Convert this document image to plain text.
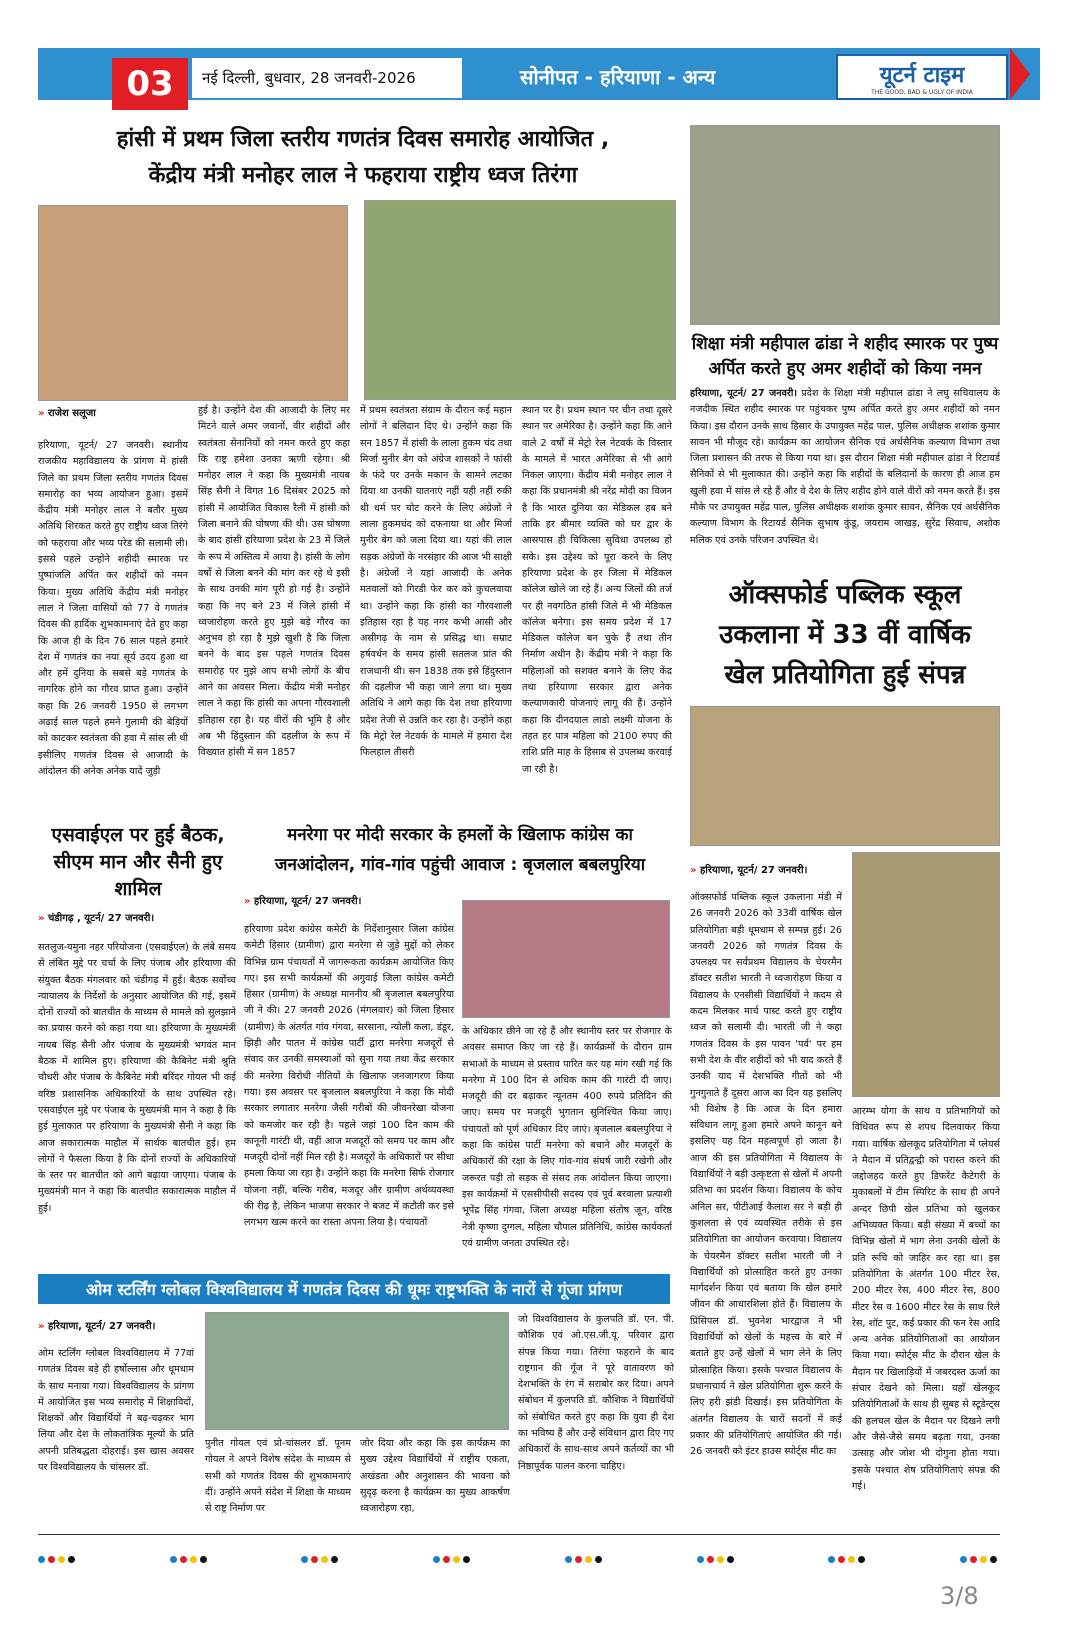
03	नई दिल्ली, बुधवार, 28 जनवरी-2026	सोनीपत - हरियाणा - अन्य	यूटर्न टाइम
THE GOOD, BAD & UGLY OF INDIA
हांसी में प्रथम जिला स्तरीय गणतंत्र दिवस समारोह आयोजित ,
केंद्रीय मंत्री मनोहर लाल ने फहराया राष्ट्रीय ध्वज तिरंगा
» राजेश सलूजा
हरियाणा, यूटर्न/ 27 जनवरी। स्थानीय राजकीय महाविद्यालय के प्रांगण में हांसी जिले का प्रथम जिला स्तरीय गणतंत्र दिवस समारोह का भव्य आयोजन हुआ। इसमें केंद्रीय मंत्री मनोहर लाल ने बतौर मुख्य अतिथि शिरकत करते हुए राष्ट्रीय ध्वज तिरंगे को फहराया और भव्य परेड की सलामी ली। इससे पहले उन्होंने शहीदी स्मारक पर पुष्पांजलि अर्पित कर शहीदों को नमन किया। मुख्य अतिथि केंद्रीय मंत्री मनोहर लाल ने जिला वासियों को 77 वे गणतंत्र दिवस की हार्दिक शुभकामनाएं देते हुए कहा कि आज ही के दिन 76 साल पहले हमारे देश में गणतंत्र का नया सूर्य उदय हुआ था और हमें दुनिया के सबसे बड़े गणतंत्र के नागरिक होने का गौरव प्राप्त हुआ। उन्होंने कहा कि 26 जनवरी 1950 से लगभग अढ़ाई साल पहले हमने गुलामी की बेड़ियों को काटकर स्वतंत्रता की हवा में सांस ली थी इसीलिए गणतंत्र दिवस से आजादी के आंदोलन की अनेक अनेक यादें जुड़ी
हुई है। उन्होंने देश की आजादी के लिए मर मिटने वाले अमर जवानों, वीर शहीदों और स्वतंत्रता सेनानियों को नमन करते हुए कहा कि राष्ट्र हमेशा उनका ऋणी रहेगा। श्री मनोहर लाल ने कहा कि मुख्यमंत्री नायब सिंह सैनी ने विगत 16 दिसंबर 2025 को हांसी में आयोजित विकास रैली में हांसी को जिला बनाने की घोषणा की थी। उस घोषणा के बाद हांसी हरियाणा प्रदेश के 23 में जिले के रूप में अस्तित्व में आया है। हांसी के लोग वर्षों से जिला बनने की मांग कर रहे थे इसी के साथ उनकी मांग पूरी हो गई है। उन्होंने कहा कि नए बने 23 में जिले हांसी में ध्वजारोहण करते हुए मुझे बड़े गौरव का अनुभव हो रहा है मुझे खुशी है कि जिला बनने के बाद इस पहले गणतंत्र दिवस समारोह पर मुझे आप सभी लोगों के बीच आने का अवसर मिला। केंद्रीय मंत्री मनोहर लाल ने कहा कि हांसी का अपना गौरवशाली इतिहास रहा है। यह वीरों की भूमि है और अब भी हिंदुस्तान की दहलीज के रूप में विख्यात हांसी में सन 1857
में प्रथम स्वतंत्रता संग्राम के दौरान कई महान लोगों ने बलिदान दिए थे। उन्होंने कहा कि सन 1857 में हांसी के लाला हुकम चंद तथा मिर्जा मुनीर बेग को अंग्रेज शासकों ने फांसी के फंदे पर उनके मकान के सामने लटका दिया था उनकी यातनाएं नहीं यही नहीं रुकी थी धर्म पर चोट करने के लिए अंग्रेजों ने लाला हुकमचंद को दफनाया था और मिर्जा मुनीर बेग को जला दिया था। यहां की लाल सड़क अंग्रेजों के नरसंहार की आज भी साक्षी है। अंग्रेजों ने यहां आजादी के अनेक मतवालों को गिरडी फेर कर को कुचलवाया था। उन्होंने कहा कि हांसी का गौरवशाली इतिहास रहा है यह नगर कभी आसी और असीगढ़ के नाम से प्रसिद्ध था। सम्राट हर्षवर्धन के समय हांसी सतलज प्रांत की राजधानी थी। सन 1838 तक इसे हिंदुस्तान की दहलीज भी कहा जाने लगा था। मुख्य अतिथि ने आगे कहा कि देश तथा हरियाणा प्रदेश तेजी से उन्नति कर रहा है। उन्होंने कहा कि मेट्रो रेल नेटवर्क के मामले में हमारा देश फिलहाल तीसरी
स्थान पर है। प्रथम स्थान पर चीन तथा दूसरे स्थान पर अमेरिका है। उन्होंने कहा कि आने वाले 2 वर्षों में मेट्रो रेल नेटवर्क के विस्तार के मामले में भारत अमेरिका से भी आगे निकल जाएगा। केंद्रीय मंत्री मनोहर लाल ने कहा कि प्रधानमंत्री श्री नरेंद्र मोदी का विजन है कि भारत दुनिया का मेडिकल हब बने ताकि हर बीमार व्यक्ति को घर द्वार के आसपास ही चिकित्सा सुविधा उपलब्ध हो सके। इस उद्देश्य को पूरा करने के लिए हरियाणा प्रदेश के हर जिला में मेडिकल कॉलेज खोले जा रहे हैं। अन्य जिलों की तर्ज पर ही नवगठित हांसी जिले में भी मेडिकल कॉलेज बनेगा। इस समय प्रदेश में 17 मेडिकल कॉलेज बन चुके हैं तथा तीन निर्माण अधीन है। केंद्रीय मंत्री ने कहा कि महिलाओं को सशक्त बनाने के लिए केंद्र तथा हरियाणा सरकार द्वारा अनेक कल्याणकारी योजनाएं लागू की हैं। उन्होंने कहा कि दीनदयाल लाडो लक्ष्मी योजना के तहत हर पात्र महिला को 2100 रुपए की राशि प्रति माह के हिसाब से उपलब्ध करवाई जा रही है।
शिक्षा मंत्री महीपाल ढांडा ने शहीद स्मारक पर पुष्प अर्पित करते हुए अमर शहीदों को किया नमन
हरियाणा, यूटर्न/ 27 जनवरी। प्रदेश के शिक्षा मंत्री महीपाल ढांडा ने लघु सचिवालय के नजदीक स्थित शहीद स्मारक पर पहुंचकर पुष्प अर्पित करते हुए अमर शहीदों को नमन किया। इस दौरान उनके साथ हिसार के उपायुक्त महेंद्र पाल, पुलिस अधीक्षक शशांक कुमार सावन भी मौजूद रहे। कार्यक्रम का आयोजन सैनिक एवं अर्धसैनिक कल्याण विभाग तथा जिला प्रशासन की तरफ से किया गया था। इस दौरान शिक्षा मंत्री महीपाल ढांडा ने रिटायर्ड सैनिकों से भी मुलाकात की। उन्होंने कहा कि शहीदों के बलिदानों के कारण ही आज हम खुली हवा में सांस ले रहे हैं और वे देश के लिए शहीद होने वाले वीरों को नमन करते हैं। इस मौके पर उपायुक्त महेंद्र पाल, पुलिस अधीक्षक शशांक कुमार सावन, सैनिक एवं अर्धसैनिक कल्याण विभाग के रिटायर्ड सैनिक सुभाष कुंडू, जयराम जाखड़, सुरेंद्र सिवाच, अशोक मलिक एवं उनके परिजन उपस्थित थे।
ऑक्सफोर्ड पब्लिक स्कूल
उकलाना में 33 वीं वार्षिक
खेल प्रतियोगिता हुई संपन्न
» हरियाणा, यूटर्न/ 27 जनवरी।
ऑक्सफोर्ड पब्लिक स्कूल उकलाना मंडी में 26 जनवरी 2026 को 33वीं वार्षिक खेल प्रतियोगिता बड़ी धूमधाम से सम्पन्न हुई। 26 जनवरी 2026 को गणतंत्र दिवस के उपलक्ष्य पर सर्वप्रथम विद्यालय के चेयरमैन डॉक्टर सतीश भारती ने ध्वजारोहण किया व विद्यालय के एनसीसी विद्यार्थियों ने कदम से कदम मिलकर मार्च पास्ट करते हुए राष्ट्रीय ध्वज को सलामी दी। भारती जी ने कहा गणतंत्र दिवस के इस पावन 'पर्व' पर हम सभी देश के वीर शहीदों को भी याद करते हैं उनकी याद में देशभक्ति गीतों को भी गुनगुनाते हैं दूसरा आज का दिन यह इसलिए भी विशेष है कि आज के दिन हमारा संविधान लागू हुआ हमारे अपने कानून बने इसलिए यह दिन महत्वपूर्ण हो जाता है। आज की इस प्रतियोगिता में विद्यालय के विद्यार्थियों ने बड़ी उत्कृष्टता से खेलों में अपनी प्रतिभा का प्रदर्शन किया। विद्यालय के कोच अनिल सर, पीटीआई कैलाश सर ने बड़ी ही कुशलता से एवं व्यवस्थित तरीके से इस प्रतियोगिता का आयोजन करवाया। विद्यालय के चेयरमैन डॉक्टर सतीश भारती जी ने विद्यार्थियों को प्रोत्साहित करते हुए उनका मार्गदर्शन किया एवं बताया कि खेल हमारे जीवन की आधारशिला होते हैं। विद्यालय के प्रिंसिपल डॉ. भुवनेश भारद्वाज ने भी विद्यार्थियों को खेलों के महत्त्व के बारे में बताते हुए उन्हें खेलों में भाग लेने के लिए प्रोत्साहित किया। इसके पश्चात विद्यालय के प्रधानाचार्य ने खेल प्रतियोगिता शुरू करने के लिए हरी झंडी दिखाई। इस प्रतियोगिता के अंतर्गत विद्यालय के चारों सदनों में कई प्रकार की प्रतियोगिताएं आयोजित की गई। 26 जनवरी को इंटर हाउस स्पोर्ट्स मीट का
आरम्भ योगा के साथ व प्रतिभागियों को विधिवत रूप से शपथ दिलवाकर किया गया। वार्षिक खेलकूद प्रतियोगिता में प्लेयर्स ने मैदान में प्रतिद्वन्द्वी को परास्त करने की जद्दोजहद करते हुए डिफरेंट कैटेगरी के मुकाबलों में टीम स्पिरिट के साथ ही अपने अन्दर छिपी खेल प्रतिभा को खुलकर अभिव्यक्त किया। बड़ी संख्या में बच्चों का विभिन्न खेलों में भाग लेना उनकी खेलों के प्रति रूचि को जाहिर कर रहा था। इस प्रतियोगिता के अंतर्गत 100 मीटर रेस, 200 मीटर रेस, 400 मीटर रेस, 800 मीटर रेस व 1600 मीटर रेस के साथ रिले रेस, शॉट पुट, कई प्रकार की फन रेस आदि अन्य अनेक प्रतियोगिताओं का आयोजन किया गया। स्पोर्ट्स मीट के दौरान खेल के मैदान पर खिलाड़ियों में जबरदस्त ऊर्जा का संचार देखने को मिला। यहाँ खेलकूद प्रतियोगिताओं के साथ ही सुबह से स्टूडेन्ट्स की हलचल खेल के मैदान पर दिखने लगी और जैसे-जैसे समय बढ़ता गया, उनका उत्साह और जोश भी दोगुना होता गया। इसके पश्चात शेष प्रतियोगिताएं संपन्न की गई।
एसवाईएल पर हुई बैठक, सीएम मान और सैनी हुए शामिल
» चंडीगढ़ , यूटर्न/ 27 जनवरी।
सतलुज-यमुना नहर परियोजना (एसवाईएल) के लंबे समय से लंबित मुद्दे पर चर्चा के लिए पंजाब और हरियाणा की संयुक्त बैठक मंगलवार को चंडीगढ़ में हुई। बैठक सर्वोच्च न्यायालय के निर्देशों के अनुसार आयोजित की गई, इसमें दोनों राज्यों को बातचीत के माध्यम से मामले को सुलझाने का प्रयास करने को कहा गया था। हरियाणा के मुख्यमंत्री नायब सिंह सैनी और पंजाब के मुख्यमंत्री भगवंत मान बैठक में शामिल हुए। हरियाणा की कैबिनेट मंत्री श्रुति चौधरी और पंजाब के कैबिनेट मंत्री बरिंदर गोयल भी कई वरिष्ठ प्रशासनिक अधिकारियों के साथ उपस्थित रहे। एसवाईएल मुद्दे पर पंजाब के मुख्यमंत्री मान ने कहा है कि हुई मुलाकात पर हरियाणा के मुख्यमंत्री सैनी ने कहा कि आज सकारात्मक माहौल में सार्थक बातचीत हुई। हम लोगों ने फैसला किया है कि दोनों राज्यों के अधिकारियों के स्तर पर बातचीत को आगे बढ़ाया जाएगा। पंजाब के मुख्यमंत्री मान ने कहा कि बातचीत सकारात्मक माहौल में हुई।
मनरेगा पर मोदी सरकार के हमलों के खिलाफ कांग्रेस का
जनआंदोलन, गांव-गांव पहुंची आवाज : बृजलाल बबलपुरिया
» हरियाणा, यूटर्न/ 27 जनवरी।
हरियाणा प्रदेश कांग्रेस कमेटी के निर्देशानुसार जिला कांग्रेस कमेटी हिसार (ग्रामीण) द्वारा मनरेगा से जुड़े मुद्दों को लेकर विभिन्न ग्राम पंचायतों में जागरूकता कार्यक्रम आयोजित किए गए। इस सभी कार्यक्रमों की अगुवाई जिला कांग्रेस कमेटी हिसार (ग्रामीण) के अध्यक्ष माननीय श्री बृजलाल बबलपुरिया जी ने की। 27 जनवरी 2026 (मंगलवार) को जिला हिसार (ग्रामीण) के अंतर्गत गांव गंगवा, सरसाना, न्योली कला, डंडूर, झिड़ी और पातन में कांग्रेस पार्टी द्वारा मनरेगा मजदूरों से संवाद कर उनकी समस्याओं को सुना गया तथा केंद्र सरकार की मनरेगा विरोधी नीतियों के खिलाफ जनजागरण किया गया। इस अवसर पर बृजलाल बबलपुरिया ने कहा कि मोदी सरकार लगातार मनरेगा जैसी गरीबों की जीवनरेखा योजना को कमजोर कर रही है। पहले जहां 100 दिन काम की कानूनी गारंटी थी, वहीं आज मजदूरों को समय पर काम और मजदूरी दोनों नहीं मिल रही है। मजदूरों के अधिकारों पर सीधा हमला किया जा रहा है। उन्होंने कहा कि मनरेगा सिर्फ रोजगार योजना नहीं, बल्कि गरीब, मजदूर और ग्रामीण अर्थव्यवस्था की रीढ़ है, लेकिन भाजपा सरकार ने बजट में कटौती कर इसे लगभग खत्म करने का रास्ता अपना लिया है। पंचायतों
के अधिकार छीने जा रहे हैं और स्थानीय स्तर पर रोजगार के अवसर समाप्त किए जा रहे हैं। कार्यक्रमों के दौरान ग्राम सभाओं के माध्यम से प्रस्ताव पारित कर यह मांग रखी गई कि मनरेगा में 100 दिन से अधिक काम की गारंटी दी जाए। मजदूरी की दर बढ़ाकर न्यूनतम 400 रुपये प्रतिदिन की जाए। समय पर मजदूरी भुगतान सुनिश्चित किया जाए। पंचायतों को पूर्ण अधिकार दिए जाएं। बृजलाल बबलपुरिया ने कहा कि कांग्रेस पार्टी मनरेगा को बचाने और मजदूरों के अधिकारों की रक्षा के लिए गांव-गांव संघर्ष जारी रखेगी और जरूरत पड़ी तो सड़क से संसद तक आंदोलन किया जाएगा। इस कार्यक्रमों में एससीपीसी सदस्य एवं पूर्व बरवाला प्रत्याशी भूपेंद्र सिंह गंगवा, जिला अध्यक्ष महिला संतोष जून, वरिष्ठ नेत्री कृष्णा दुग्गल, महिला चौपाल प्रतिनिधि, कांग्रेस कार्यकर्ता एवं ग्रामीण जनता उपस्थित रहे।
ओम स्टर्लिंग ग्लोबल विश्वविद्यालय में गणतंत्र दिवस की धूमः राष्ट्रभक्ति के नारों से गूंजा प्रांगण
» हरियाणा, यूटर्न/ 27 जनवरी।
ओम स्टर्लिंग ग्लोबल विश्वविद्यालय में 77वां गणतंत्र दिवस बड़े ही हर्षोल्लास और धूमधाम के साथ मनाया गया। विश्वविद्यालय के प्रांगण में आयोजित इस भव्य समारोह में शिक्षाविदों, शिक्षकों और विद्यार्थियों ने बढ़-चढ़कर भाग लिया और देश के लोकतांत्रिक मूल्यों के प्रति अपनी प्रतिबद्धता दोहराई। इस खास अवसर पर विश्वविद्यालय के चांसलर डॉ.
पुनीत गोयल एवं प्रो-चांसलर डॉ. पूनम गोयल ने अपने विशेष संदेश के माध्यम से सभी को गणतंत्र दिवस की शुभकामनाएं दीं। उन्होंने अपने संदेश में शिक्षा के माध्यम से राष्ट्र निर्माण पर
जोर दिया और कहा कि इस कार्यक्रम का मुख्य उद्देश्य विद्यार्थियों में राष्ट्रीय एकता, अखंडता और अनुशासन की भावना को सुदृढ़ करना है कार्यक्रम का मुख्य आकर्षण ध्वजारोहण रहा,
जो विश्वविद्यालय के कुलपति डॉ. एन. पी. कौशिक एवं ओ.एस.जी.यू. परिवार द्वारा संपन्न किया गया। तिरंगा फहराने के बाद राष्ट्रगान की गूँज ने पूरे वातावरण को देशभक्ति के रंग में सराबोर कर दिया। अपने संबोधन में कुलपति डॉ. कौशिक ने विद्यार्थियों को संबोधित करते हुए कहा कि युवा ही देश का भविष्य हैं और उन्हें संविधान द्वारा दिए गए अधिकारों के साथ-साथ अपने कर्तव्यों का भी निष्ठापूर्वक पालन करना चाहिए।
3/8
